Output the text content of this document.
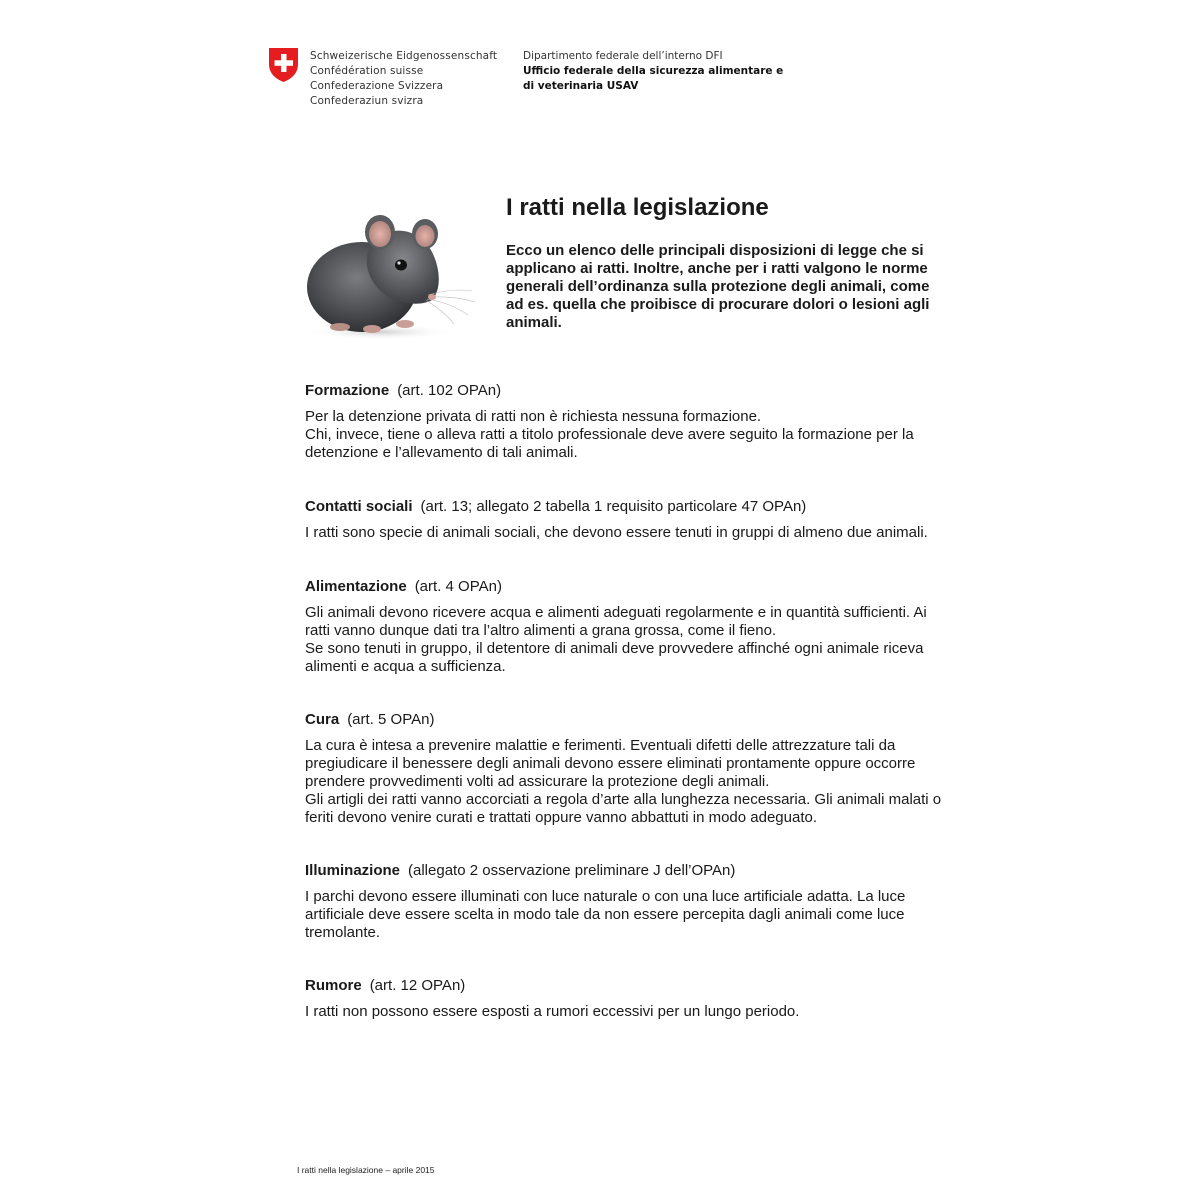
Schweizerische Eidgenossenschaft
Confédération suisse
Confederazione Svizzera
Confederaziun svizra
Dipartimento federale dell’interno DFI
Ufficio federale della sicurezza alimentare e
di veterinaria USAV
I ratti nella legislazione

Ecco un elenco delle principali disposizioni di legge che si applicano ai ratti. Inoltre, anche per i ratti valgono le norme generali dell’ordinanza sulla protezione degli animali, come ad es. quella che proibisce di procurare dolori o lesioni agli animali.

Formazione (art. 102 OPAn)

Per la detenzione privata di ratti non è richiesta nessuna formazione.

Chi, invece, tiene o alleva ratti a titolo professionale deve avere seguito la formazione per la detenzione e l’allevamento di tali animali.

Contatti sociali (art. 13; allegato 2 tabella 1 requisito particolare 47 OPAn)

I ratti sono specie di animali sociali, che devono essere tenuti in gruppi di almeno due animali.

Alimentazione (art. 4 OPAn)

Gli animali devono ricevere acqua e alimenti adeguati regolarmente e in quantità sufficienti. Ai ratti vanno dunque dati tra l’altro alimenti a grana grossa, come il fieno.

Se sono tenuti in gruppo, il detentore di animali deve provvedere affinché ogni animale riceva alimenti e acqua a sufficienza.

Cura (art. 5 OPAn)

La cura è intesa a prevenire malattie e ferimenti. Eventuali difetti delle attrezzature tali da pregiudicare il benessere degli animali devono essere eliminati prontamente oppure occorre prendere provvedimenti volti ad assicurare la protezione degli animali.

Gli artigli dei ratti vanno accorciati a regola d’arte alla lunghezza necessaria. Gli animali malati o feriti devono venire curati e trattati oppure vanno abbattuti in modo adeguato.

Illuminazione (allegato 2 osservazione preliminare J dell’OPAn)

I parchi devono essere illuminati con luce naturale o con una luce artificiale adatta. La luce artificiale deve essere scelta in modo tale da non essere percepita dagli animali come luce tremolante.

Rumore (art. 12 OPAn)

I ratti non possono essere esposti a rumori eccessivi per un lungo periodo.

I ratti nella legislazione – aprile 2015
